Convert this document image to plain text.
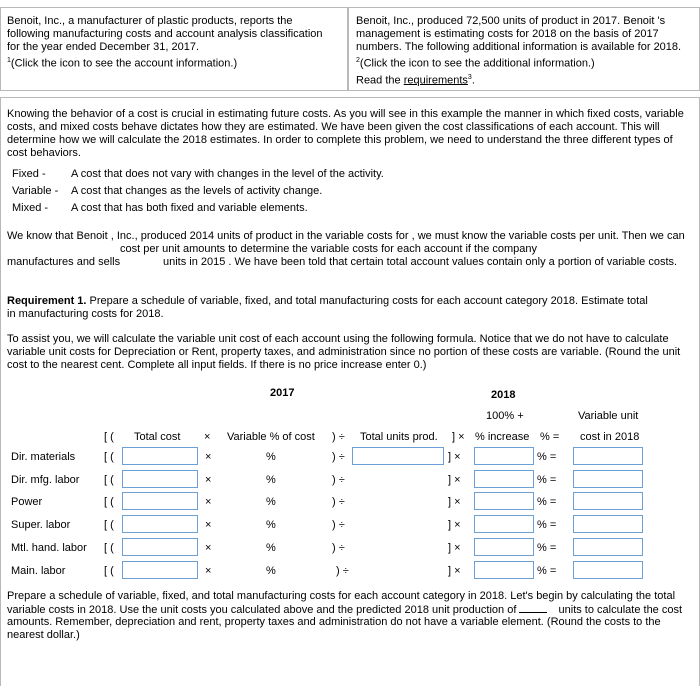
Benoit, Inc., a manufacturer of plastic products, reports the
following manufacturing costs and account analysis classification
for the year ended December 31, 2017.
$^1$(Click the icon to see the account information.)
Benoit, Inc., produced 72,500 units of product in 2017. Benoit 's
management is estimating costs for 2018 on the basis of 2017
numbers. The following additional information is available for 2018.
$^2$(Click the icon to see the additional information.)
Read the requirements$^3$.
Knowing the behavior of a cost is crucial in estimating future costs. As you will see in this example the manner in which fixed costs, variable
costs, and mixed costs behave dictates how they are estimated. We have been given the cost classifications of each account. This will
determine how we will calculate the 2018 estimates. In order to complete this problem, we need to understand the three different types of
cost behaviors.
Fixed - A cost that does not vary with changes in the level of the activity.
Variable - A cost that changes as the levels of activity change.
Mixed - A cost that has both fixed and variable elements.
We know that Benoit , Inc., produced 2014 units of product in the variable costs for , we must know the variable costs per unit. Then we can
cost per unit amounts to determine the variable costs for each account if the company
manufactures and sells	units in 2015 . We have been told that certain total account values contain only a portion of variable costs.
Requirement 1. Prepare a schedule of variable, fixed, and total manufacturing costs for each account category 2018. Estimate total
in manufacturing costs for 2018.
To assist you, we will calculate the variable unit cost of each account using the following formula. Notice that we do not have to calculate
variable unit costs for Depreciation or Rent, property taxes, and administration since no portion of these costs are variable. (Round the unit
cost to the nearest cent. Complete all input fields. If there is no price increase enter 0.)
2017	2018
100% +	Variable unit
[ ( Total cost × Variable % of cost ) ÷ Total units prod. ] × % increase % = cost in 2018
Dir. materials	[ (	×	%	) ÷	] ×	% =
Dir. mfg. labor [ (	×	%	) ÷	] ×	% =
Power	[ (	×	%	) ÷	] ×	% =
Super. labor	[ (	×	%	) ÷	] ×	% =
Mtl. hand. labor [ (	×	%	) ÷	] ×	% =
Main. labor	[ (	×	%	) ÷	] ×	% =
Prepare a schedule of variable, fixed, and total manufacturing costs for each account category in 2018. Let's begin by calculating the total
variable costs in 2018. Use the unit costs you calculated above and the predicted 2018 unit production of	units to calculate the cost
amounts. Remember, depreciation and rent, property taxes and administration do not have a variable element. (Round the costs to the
nearest dollar.)
